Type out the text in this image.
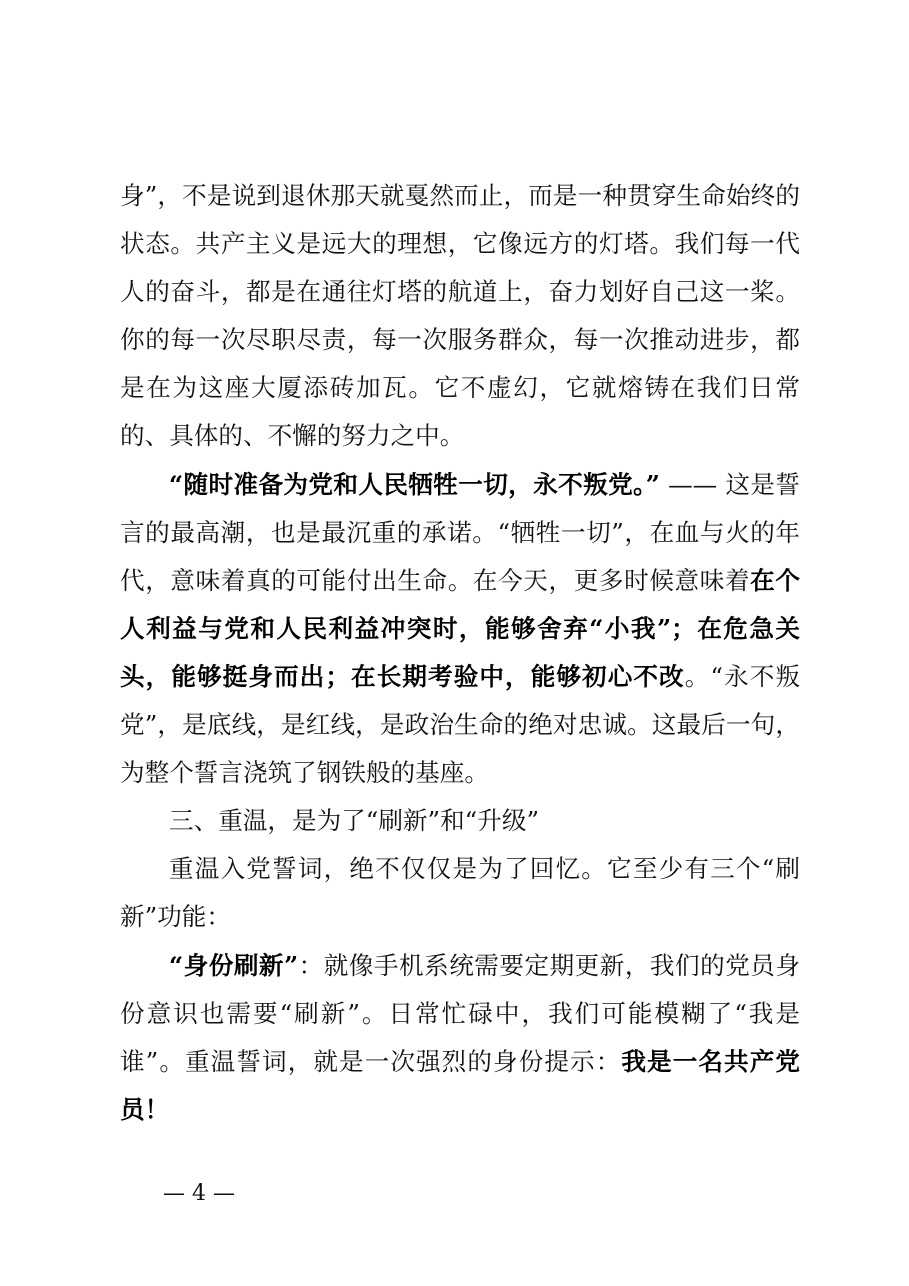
身”，不是说到退休那天就戛然而止，而是一种贯穿生命始终的状态。共产主义是远大的理想，它像远方的灯塔。我们每一代人的奋斗，都是在通往灯塔的航道上，奋力划好自己这一桨。你的每一次尽职尽责，每一次服务群众，每一次推动进步，都是在为这座大厦添砖加瓦。它不虚幻，它就熔铸在我们日常的、具体的、不懈的努力之中。

“随时准备为党和人民牺牲一切，永不叛党。” —— 这是誓言的最高潮，也是最沉重的承诺。“牺牲一切”，在血与火的年代，意味着真的可能付出生命。在今天，更多时候意味着在个人利益与党和人民利益冲突时，能够舍弃“小我”；在危急关头，能够挺身而出；在长期考验中，能够初心不改。“永不叛党”，是底线，是红线，是政治生命的绝对忠诚。这最后一句，为整个誓言浇筑了钢铁般的基座。

三、重温，是为了“刷新”和“升级”

重温入党誓词，绝不仅仅是为了回忆。它至少有三个“刷新”功能：

“身份刷新”：就像手机系统需要定期更新，我们的党员身份意识也需要“刷新”。日常忙碌中，我们可能模糊了“我是谁”。重温誓词，就是一次强烈的身份提示：我是一名共产党员！

— 4 —
